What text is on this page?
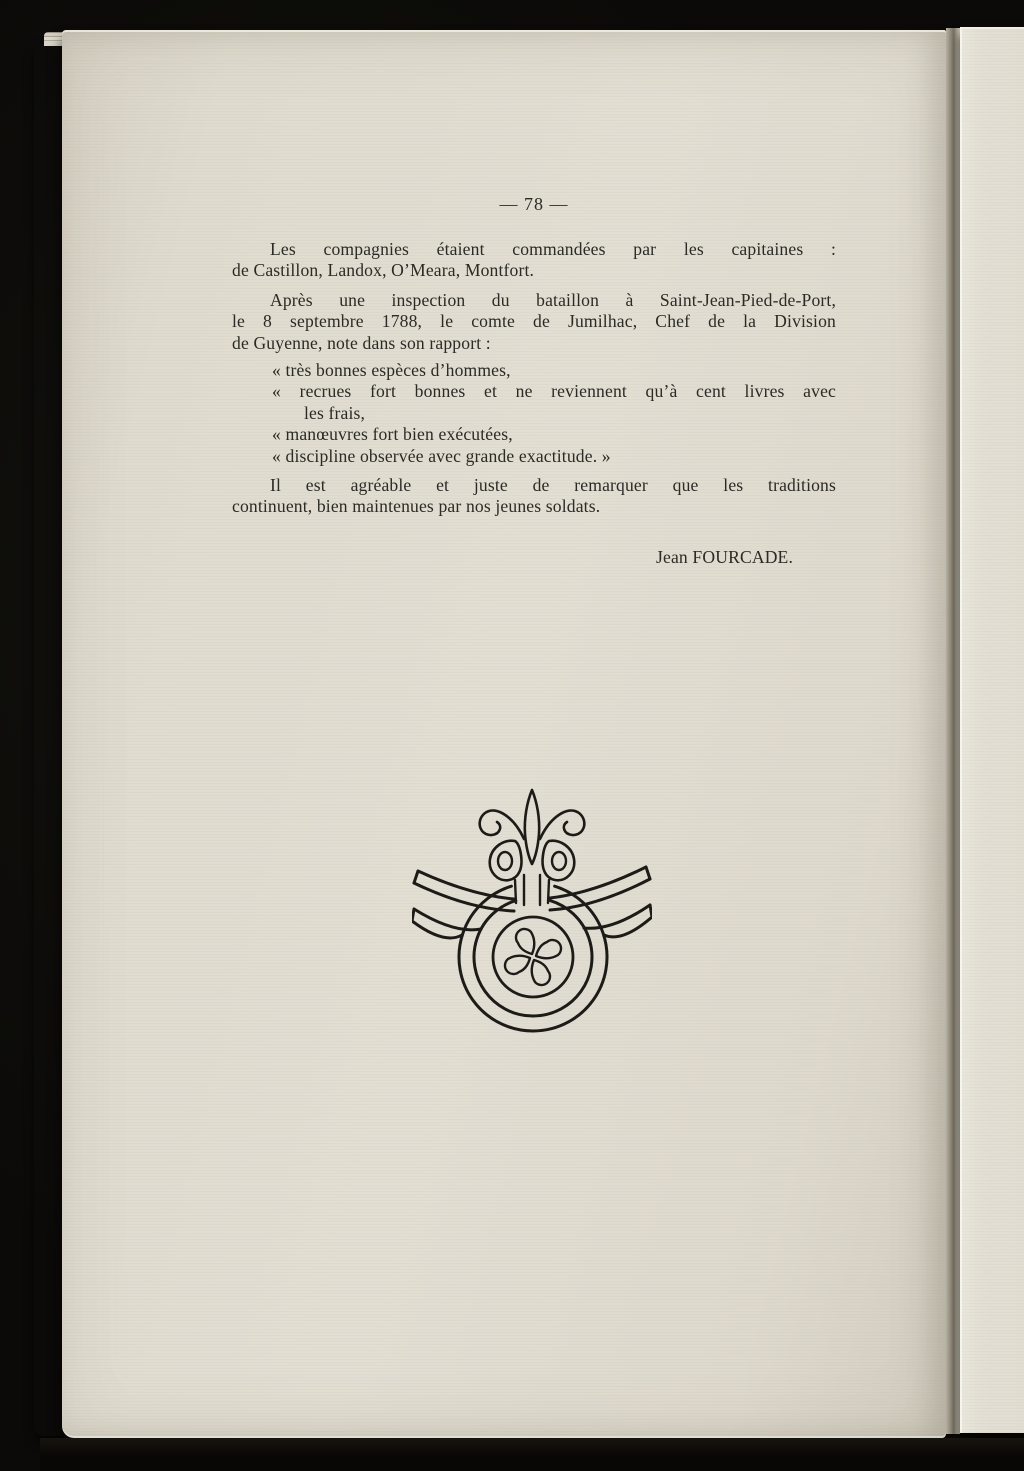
— 78 —

Les compagnies étaient commandées par les capitaines :

de Castillon, Landox, O’Meara, Montfort.

Après une inspection du bataillon à Saint-Jean-Pied-de-Port,

le 8 septembre 1788, le comte de Jumilhac, Chef de la Division

de Guyenne, note dans son rapport :

« très bonnes espèces d’hommes,

« recrues fort bonnes et ne reviennent qu’à cent livres avec

les frais,

« manœuvres fort bien exécutées,

« discipline observée avec grande exactitude. »

Il est agréable et juste de remarquer que les traditions

continuent, bien maintenues par nos jeunes soldats.

Jean FOURCADE.
